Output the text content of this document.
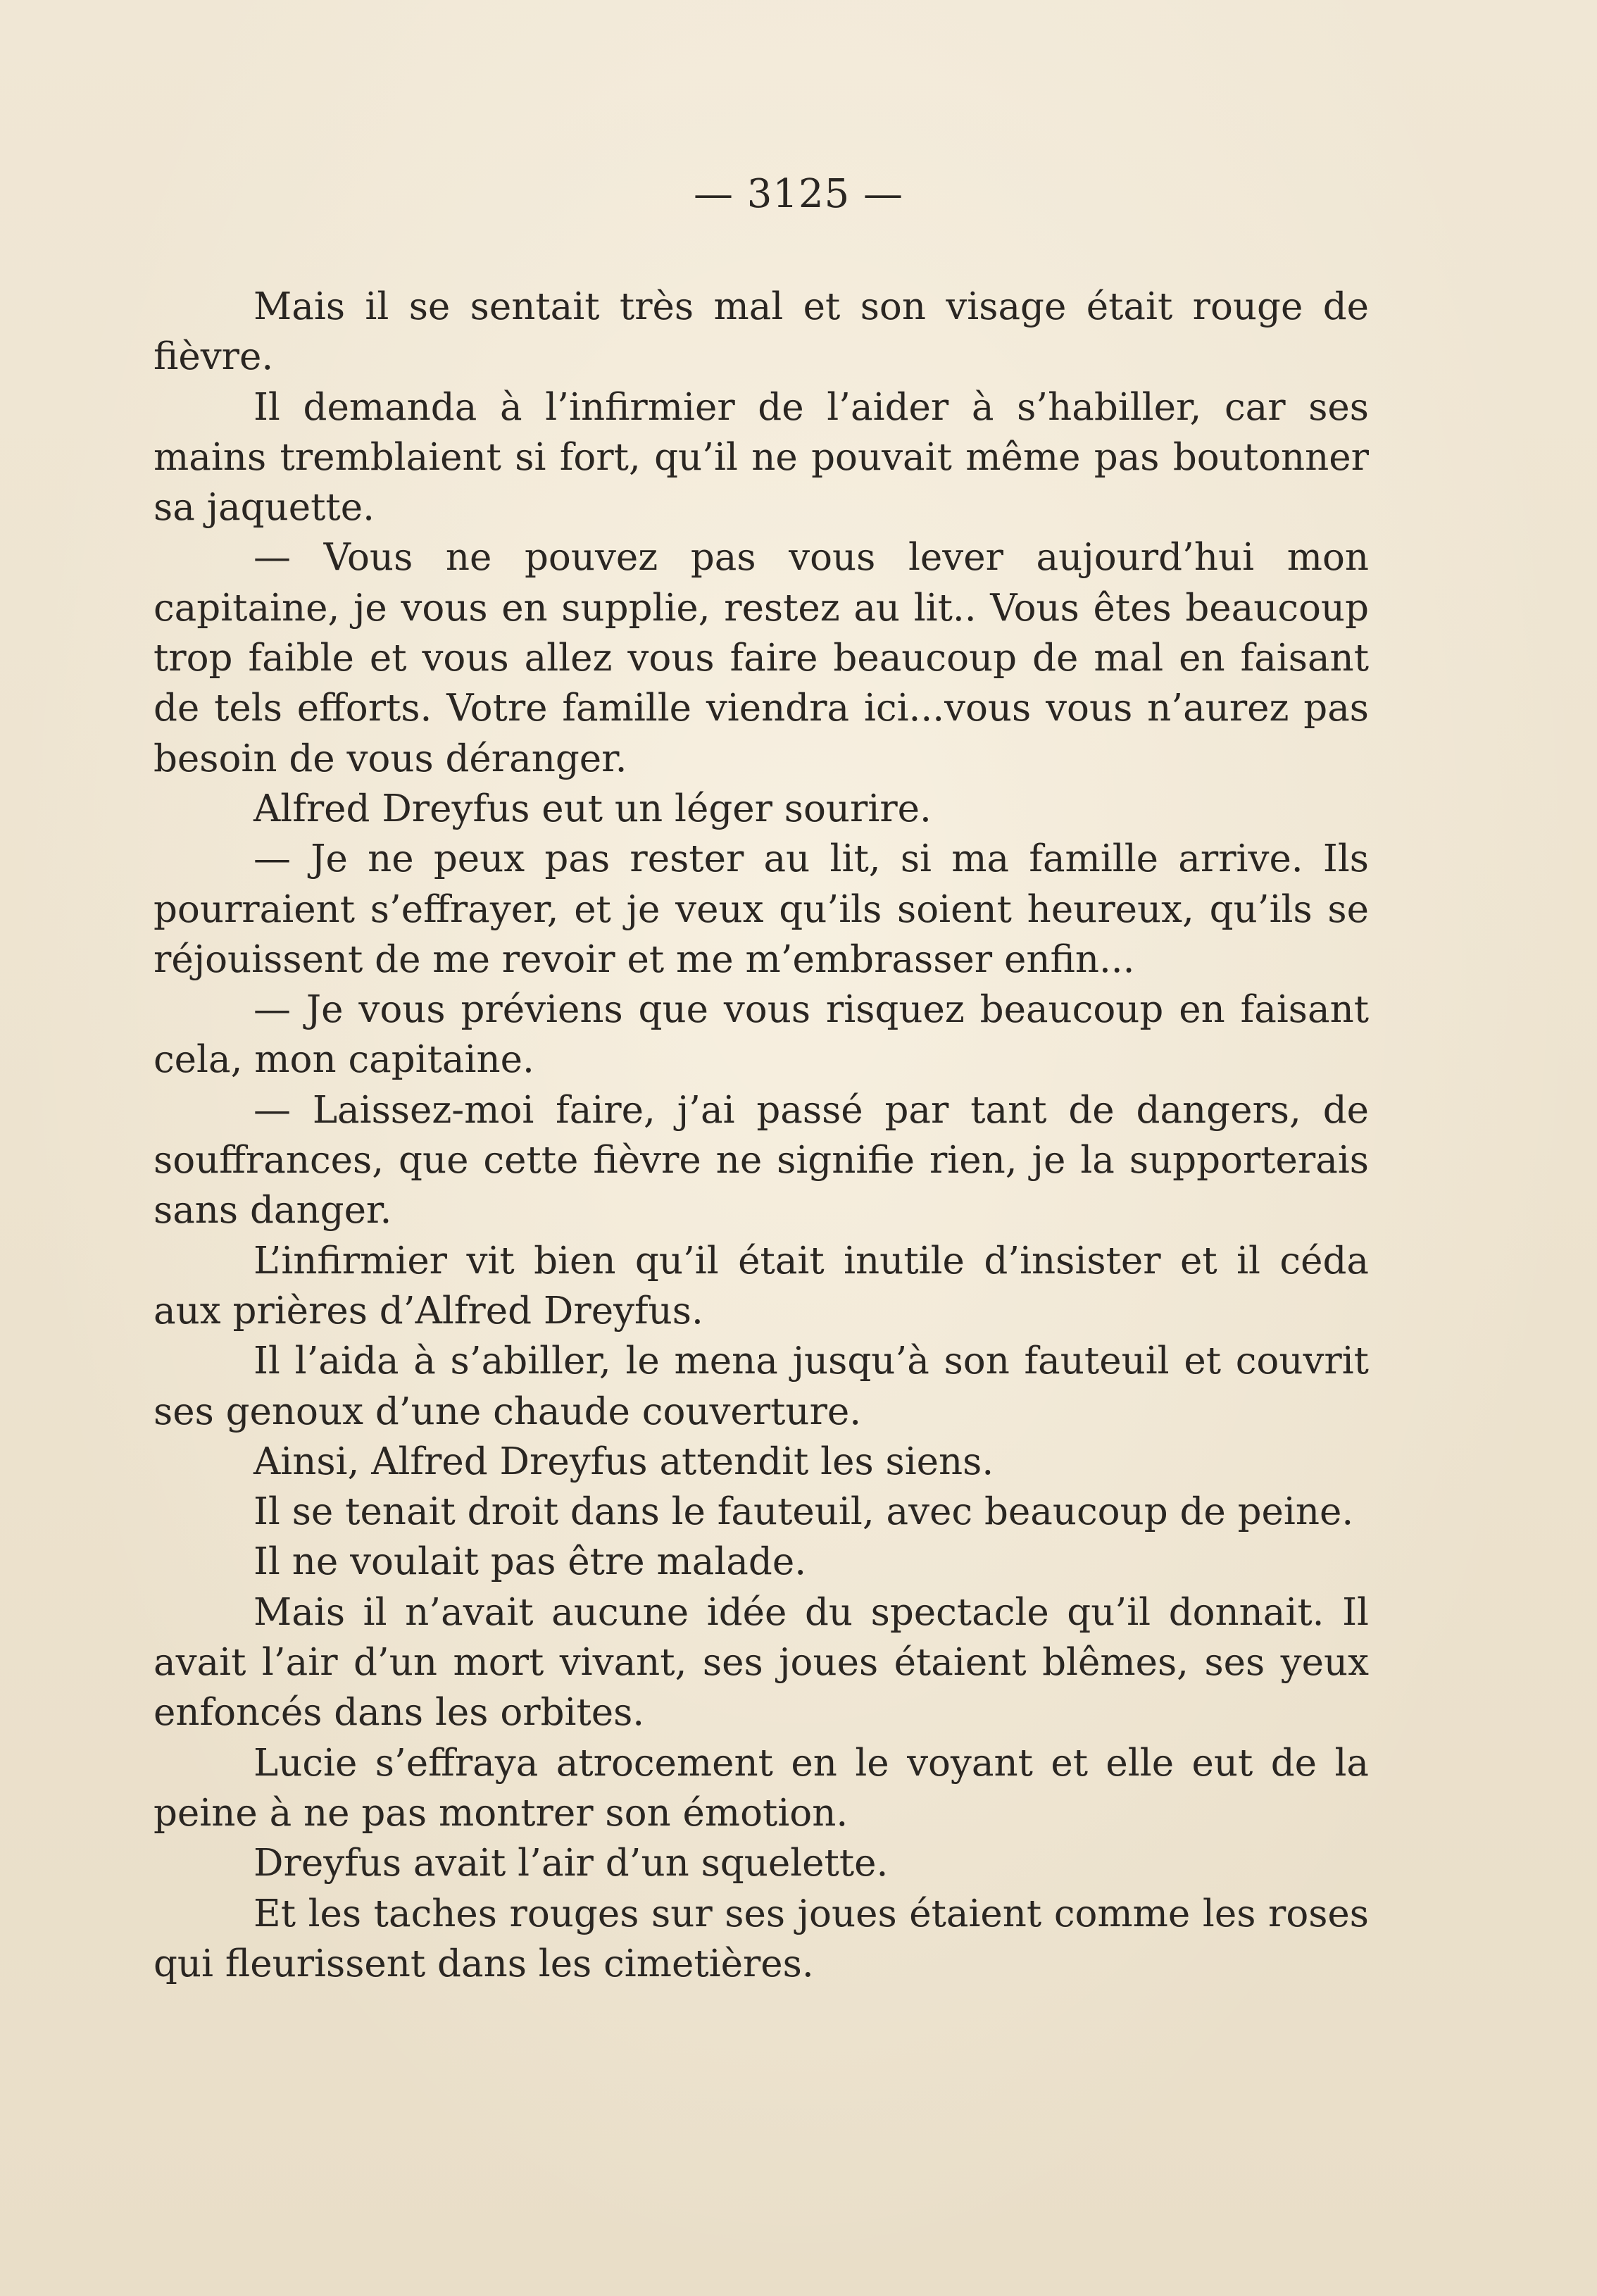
— 3125 —

Mais il se sentait très mal et son visage était rouge de fièvre.

Il demanda à l’infirmier de l’aider à s’habiller, car ses mains tremblaient si fort, qu’il ne pouvait même pas boutonner sa jaquette.

— Vous ne pouvez pas vous lever aujourd’hui mon capitaine, je vous en supplie, restez au lit.. Vous êtes beaucoup trop faible et vous allez vous faire beaucoup de mal en faisant de tels efforts. Votre famille viendra ici...vous vous n’aurez pas besoin de vous déranger.

Alfred Dreyfus eut un léger sourire.

— Je ne peux pas rester au lit, si ma famille arrive. Ils pourraient s’effrayer, et je veux qu’ils soient heureux, qu’ils se réjouissent de me revoir et me m’embrasser enfin...

— Je vous préviens que vous risquez beaucoup en faisant cela, mon capitaine.

— Laissez-moi faire, j’ai passé par tant de dangers, de souffrances, que cette fièvre ne signifie rien, je la supporterais sans danger.

L’infirmier vit bien qu’il était inutile d’insister et il céda aux prières d’Alfred Dreyfus.

Il l’aida à s’abiller, le mena jusqu’à son fauteuil et couvrit ses genoux d’une chaude couverture.

Ainsi, Alfred Dreyfus attendit les siens.

Il se tenait droit dans le fauteuil, avec beaucoup de peine.

Il ne voulait pas être malade.

Mais il n’avait aucune idée du spectacle qu’il donnait. Il avait l’air d’un mort vivant, ses joues étaient blêmes, ses yeux enfoncés dans les orbites.

Lucie s’effraya atrocement en le voyant et elle eut de la peine à ne pas montrer son émotion.

Dreyfus avait l’air d’un squelette.

Et les taches rouges sur ses joues étaient comme les roses qui fleurissent dans les cimetières.
